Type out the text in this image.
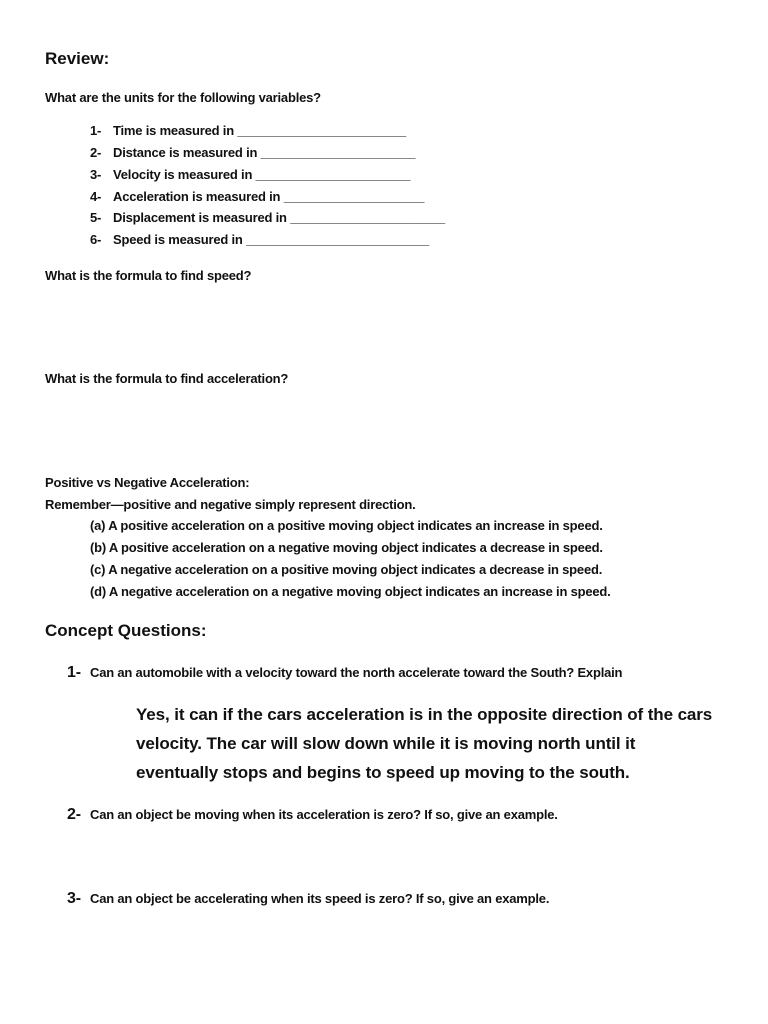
Review:
What are the units for the following variables?
1- Time is measured in ________________________
2- Distance is measured in ______________________
3- Velocity is measured in ______________________
4- Acceleration is measured in ____________________
5- Displacement is measured in ______________________
6- Speed is measured in __________________________
What is the formula to find speed?
What is the formula to find acceleration?
Positive vs Negative Acceleration:
Remember—positive and negative simply represent direction.
(a) A positive acceleration on a positive moving object indicates an increase in speed.
(b) A positive acceleration on a negative moving object indicates a decrease in speed.
(c) A negative acceleration on a positive moving object indicates a decrease in speed.
(d) A negative acceleration on a negative moving object indicates an increase in speed.
Concept Questions:
1- Can an automobile with a velocity toward the north accelerate toward the South? Explain
Yes, it can if the cars acceleration is in the opposite direction of the cars velocity. The car will slow down while it is moving north until it eventually stops and begins to speed up moving to the south.
2- Can an object be moving when its acceleration is zero? If so, give an example.
3- Can an object be accelerating when its speed is zero? If so, give an example.
